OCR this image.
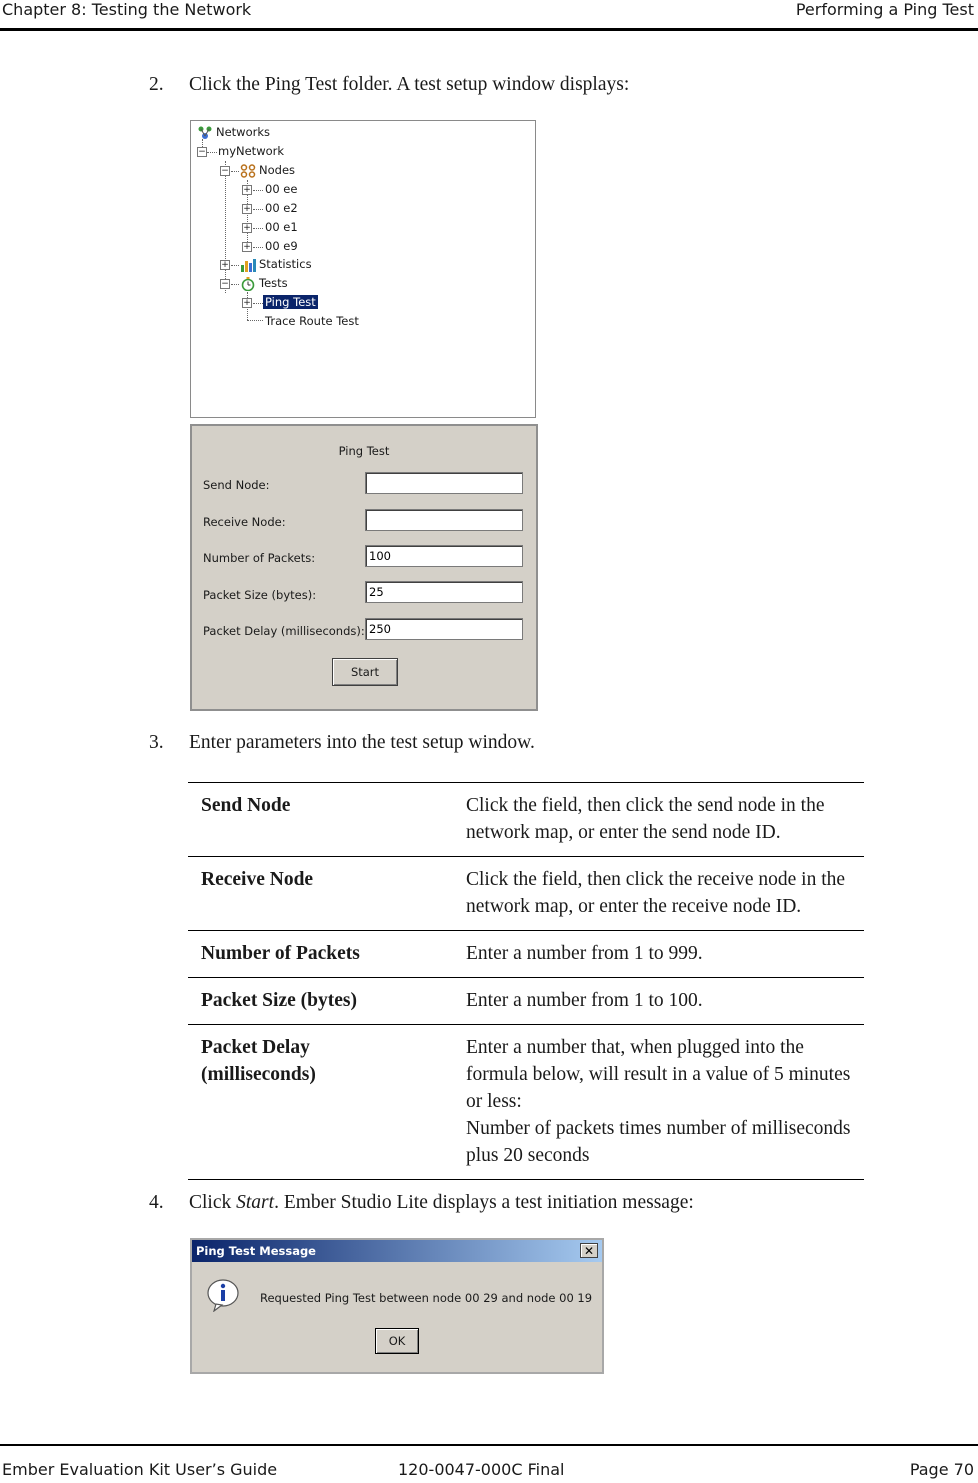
Chapter 8: Testing the Network	Performing a Ping Test
2. Click the Ping Test folder. A test setup window displays:
Networks
− myNetwork
−	Nodes
+ 00 ee
+ 00 e2
+ 00 e1
+ 00 e9
+	Statistics
−	Tests
+ Ping Test
Trace Route Test
Ping Test
Send Node:
Receive Node:
Number of Packets:
100
Packet Size (bytes):
25
Packet Delay (milliseconds):
250
Start
3. Enter parameters into the test setup window.
Send Node	Click the field, then click the send node in the network map, or enter the send node ID.
Receive Node	Click the field, then click the receive node in the network map, or enter the receive node ID.
Number of Packets	Enter a number from 1 to 999.
Packet Size (bytes)	Enter a number from 1 to 100.
Packet Delay (milliseconds)	Enter a number that, when plugged into the formula below, will result in a value of 5 minutes or less:
Number of packets times number of milliseconds plus 20 seconds
4. Click Start. Ember Studio Lite displays a test initiation message:
Ping Test Message	✕
Requested Ping Test between node 00 29 and node 00 19
OK
Ember Evaluation Kit User’s Guide	120-0047-000C Final	Page 70
